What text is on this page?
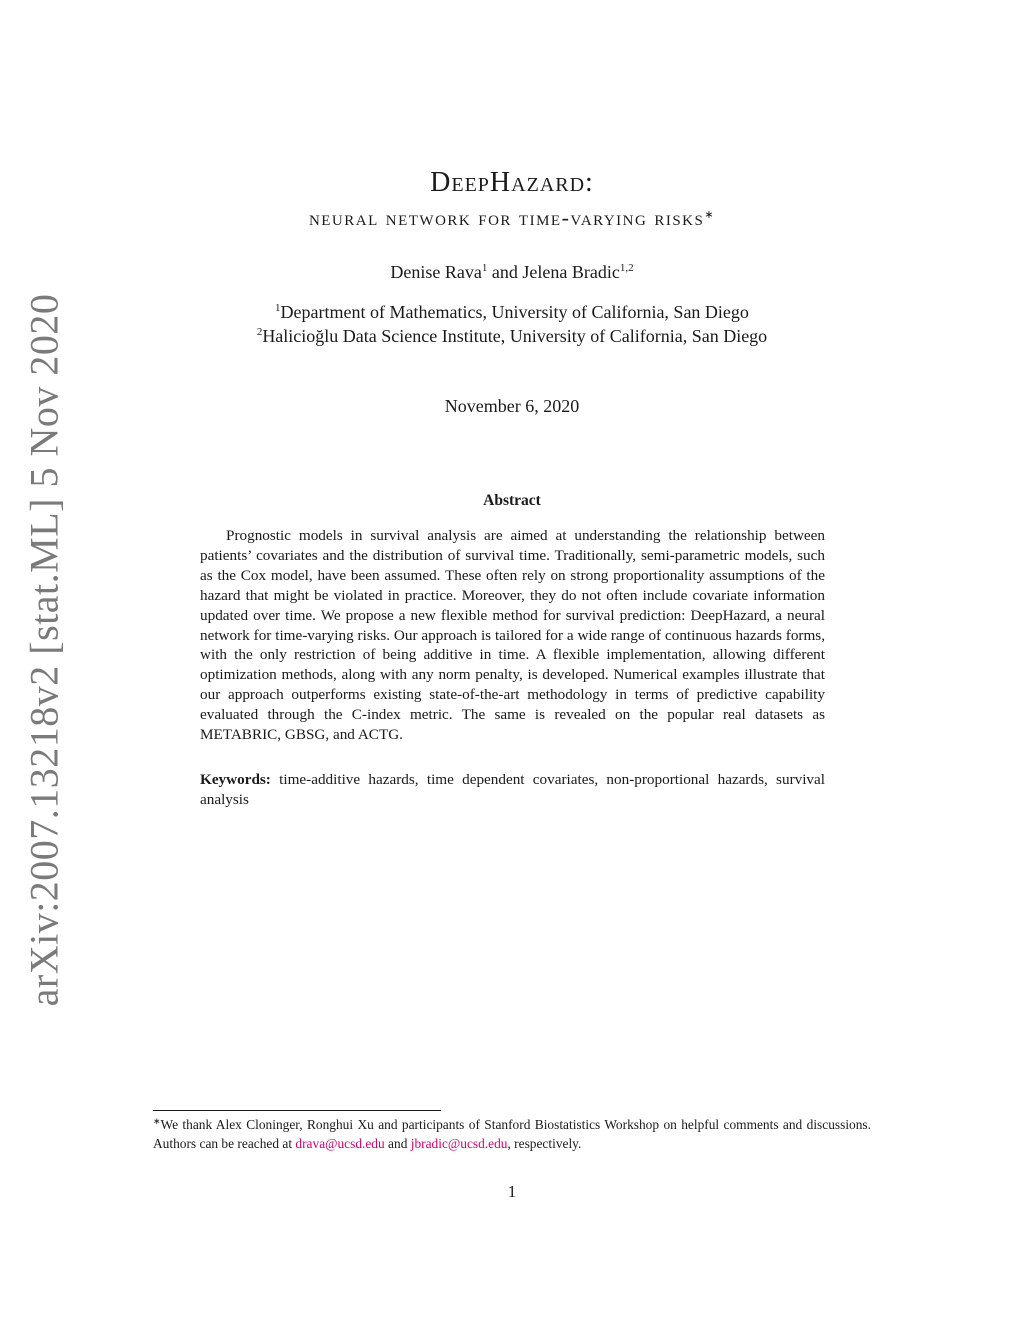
arXiv:2007.13218v2 [stat.ML] 5 Nov 2020
DeepHazard:
neural network for time-varying risks∗
Denise Rava$^1$ and Jelena Bradic$^{1,2}$
$^1$Department of Mathematics, University of California, San Diego
$^2$Halicioğlu Data Science Institute, University of California, San Diego
November 6, 2020
Abstract

Prognostic models in survival analysis are aimed at understanding the relationship between patients’ covariates and the distribution of survival time. Traditionally, semi-parametric models, such as the Cox model, have been assumed. These often rely on strong proportionality assumptions of the hazard that might be violated in practice. Moreover, they do not often include covariate information updated over time. We propose a new flexible method for survival prediction: DeepHazard, a neural network for time-varying risks. Our approach is tailored for a wide range of continuous hazards forms, with the only restriction of being additive in time. A flexible implementation, allowing different optimization methods, along with any norm penalty, is developed. Numerical examples illustrate that our approach outperforms existing state-of-the-art methodology in terms of predictive capability evaluated through the C-index metric. The same is revealed on the popular real datasets as METABRIC, GBSG, and ACTG.

Keywords: time-additive hazards, time dependent covariates, non-proportional hazards, survival analysis

∗We thank Alex Cloninger, Ronghui Xu and participants of Stanford Biostatistics Workshop on helpful comments and discussions. Authors can be reached at drava@ucsd.edu and jbradic@ucsd.edu, respectively.

1
